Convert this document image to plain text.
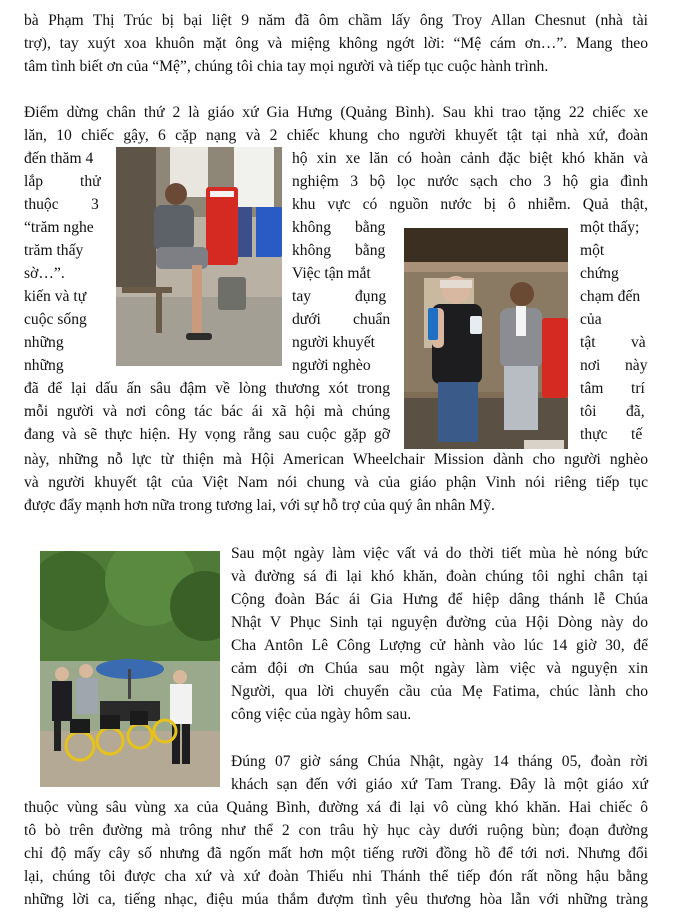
bà Phạm Thị Trúc bị bại liệt 9 năm đã ôm chầm lấy ông Troy Allan Chesnut (nhà tài
trợ), tay xuýt xoa khuôn mặt ông và miệng không ngớt lời: “Mệ cám ơn…”. Mang theo
tâm tình biết ơn của “Mệ”, chúng tôi chia tay mọi người và tiếp tục cuộc hành trình.
Điểm dừng chân thứ 2 là giáo xứ Gia Hưng (Quảng Bình). Sau khi trao tặng 22 chiếc xe
lăn, 10 chiếc gậy, 6 cặp nạng và 2 chiếc khung cho người khuyết tật tại nhà xứ, đoàn
đến thăm 4
lắp thử
thuộc 3
“trăm nghe
trăm thấy
sờ…”.
kiến và tự
cuộc sống
những
những
hộ xin xe lăn có hoàn cảnh đặc biệt khó khăn và
nghiệm 3 bộ lọc nước sạch cho 3 hộ gia đình
khu vực có nguồn nước bị ô nhiễm. Quả thật,
không bằng
không bằng
Việc tận mắt
tay	đụng
dưới chuẩn
người khuyết
người nghèo
một thấy;
một
chứng
chạm đến
của
tật và
nơi này
tâm trí
tôi đã,
thực tế
đã để lại dấu ấn sâu đậm về lòng thương xót trong
mỗi người và nơi công tác bác ái xã hội mà chúng
đang và sẽ thực hiện. Hy vọng rằng sau cuộc gặp gỡ
này, những nỗ lực từ thiện mà Hội American Wheelchair Mission dành cho người nghèo
và người khuyết tật của Việt Nam nói chung và của giáo phận Vinh nói riêng tiếp tục
được đẩy mạnh hơn nữa trong tương lai, với sự hỗ trợ của quý ân nhân Mỹ.
Sau một ngày làm việc vất vả do thời tiết mùa hè nóng bức
và đường sá đi lại khó khăn, đoàn chúng tôi nghỉ chân tại
Cộng đoàn Bác ái Gia Hưng để hiệp dâng thánh lễ Chúa
Nhật V Phục Sinh tại nguyện đường của Hội Dòng này do
Cha Antôn Lê Công Lượng cử hành vào lúc 14 giờ 30, để
cảm đội ơn Chúa sau một ngày làm việc và nguyện xin
Người, qua lời chuyển cầu của Mẹ Fatima, chúc lành cho
công việc của ngày hôm sau.
Đúng 07 giờ sáng Chúa Nhật, ngày 14 tháng 05, đoàn rời
khách sạn đến với giáo xứ Tam Trang. Đây là một giáo xứ
thuộc vùng sâu vùng xa của Quảng Bình, đường xá đi lại vô cùng khó khăn. Hai chiếc ô
tô bò trên đường mà trông như thể 2 con trâu hỳ hục cày dưới ruộng bùn; đoạn đường
chỉ độ mấy cây số nhưng đã ngốn mất hơn một tiếng rưỡi đồng hồ để tới nơi. Nhưng đổi
lại, chúng tôi được cha xứ và xứ đoàn Thiếu nhi Thánh thể tiếp đón rất nồng hậu bằng
những lời ca, tiếng nhạc, điệu múa thắm đượm tình yêu thương hòa lẫn với những tràng
